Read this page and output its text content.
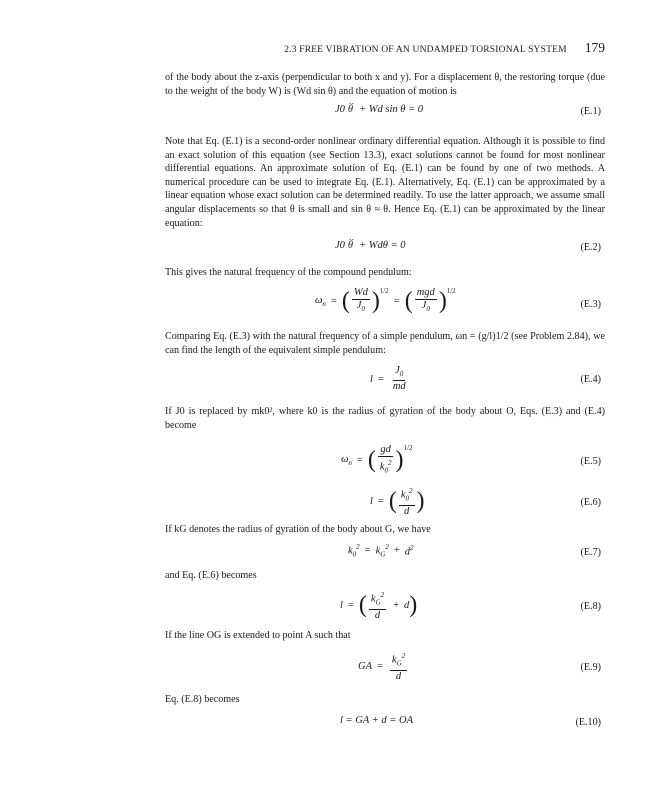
2.3 FREE VIBRATION OF AN UNDAMPED TORSIONAL SYSTEM 179

of the body about the z-axis (perpendicular to both x and y). For a displacement θ, the restoring torque (due to the weight of the body W) is (Wd sin θ) and the equation of motion is

J0 ‥ θ + Wd sin θ = 0	(E.1)

Note that Eq. (E.1) is a second-order nonlinear ordinary differential equation. Although it is possible to find an exact solution of this equation (see Section 13.3), exact solutions cannot be found for most nonlinear differential equations. An approximate solution of Eq. (E.1) can be found by one of two methods. A numerical procedure can be used to integrate Eq. (E.1). Alternatively, Eq. (E.1) can be approximated by a linear equation whose exact solution can be determined readily. To use the latter approach, we assume small angular displacements so that θ is small and sin θ ≈ θ. Hence Eq. (E.1) can be approximated by the linear equation:

J0 ‥ θ + Wdθ = 0	(E.2)

This gives the natural frequency of the compound pendulum:

$\omega_n$ = ( $\frac{Wd}{J_0} )^{1/2}$
= ( $\frac{\text{mgd}}{J_0} )^{1/2}$
(E.3)

Comparing Eq. (E.3) with the natural frequency of a simple pendulum, ωn = (g/l)1/2 (see Problem 2.84), we can find the length of the equivalent simple pendulum:

$l = \frac{J_0}{md}$	(E.4)

If J0 is replaced by mk0², where k0 is the radius of gyration of the body about O, Eqs. (E.3) and (E.4) become

$\omega_n$ = ( $\frac{gd}{k_0^2} )^{1/2}$
(E.5)
l = ( $\frac{k_0^2}{d}$ )	(E.6)

If kG denotes the radius of gyration of the body about G, we have

$k_0^2 = k_G^2 + d^2$	(E.7)

and Eq. (E.6) becomes

l = ( $\frac{k_G^2}{d} + d$ )	(E.8)

If the line OG is extended to point A such that

GA = $\frac{k_G^2}{d}$	(E.9)

Eq. (E.8) becomes

l = GA + d = OA	(E.10)
